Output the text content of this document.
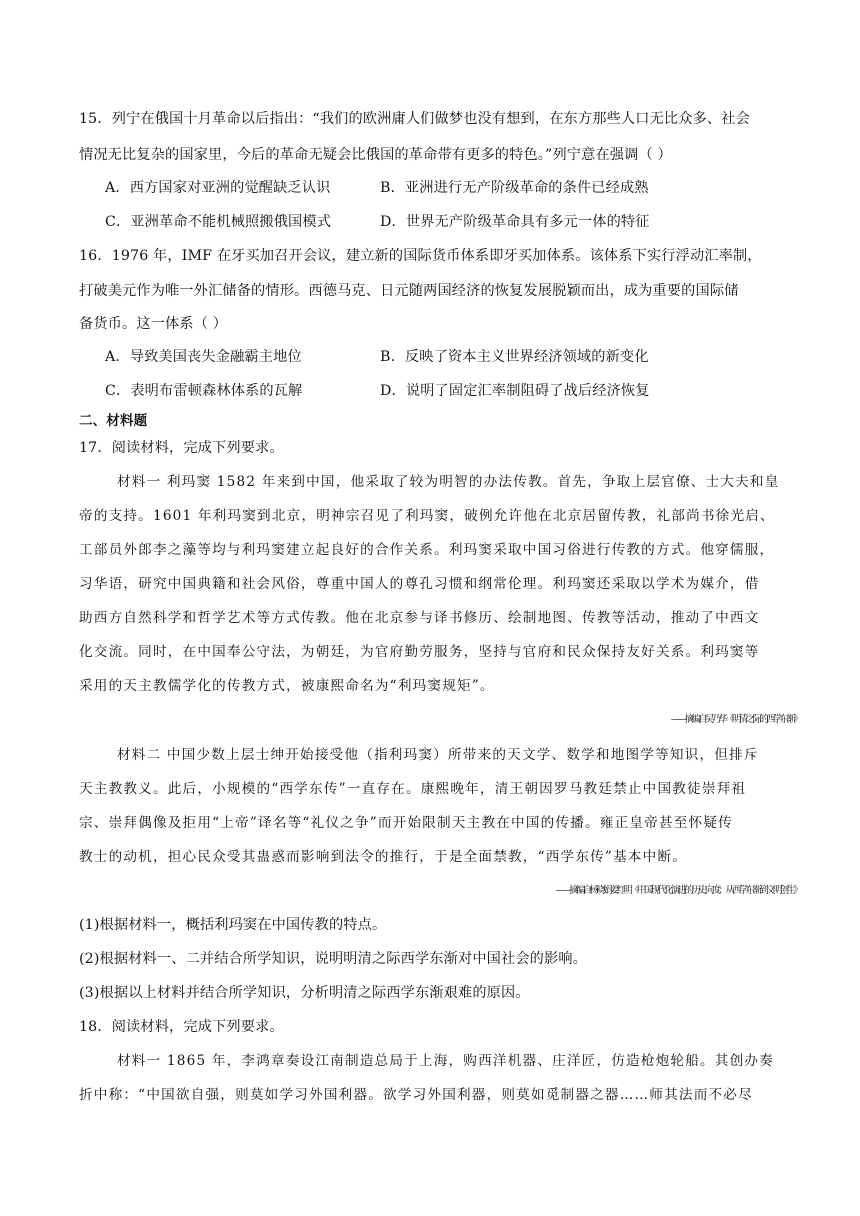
15．列宁在俄国十月革命以后指出：“我们的欧洲庸人们做梦也没有想到，在东方那些人口无比众多、社会
情况无比复杂的国家里，今后的革命无疑会比俄国的革命带有更多的特色。”列宁意在强调（ ）
A．西方国家对亚洲的觉醒缺乏认识	B．亚洲进行无产阶级革命的条件已经成熟
C．亚洲革命不能机械照搬俄国模式	D．世界无产阶级革命具有多元一体的特征
16．1976 年，IMF 在牙买加召开会议，建立新的国际货币体系即牙买加体系。该体系下实行浮动汇率制，
打破美元作为唯一外汇储备的情形。西德马克、日元随两国经济的恢复发展脱颖而出，成为重要的国际储
备货币。这一体系（ ）
A．导致美国丧失金融霸主地位	B．反映了资本主义世界经济领域的新变化
C．表明布雷顿森林体系的瓦解	D．说明了固定汇率制阻碍了战后经济恢复
二、材料题
17．阅读材料，完成下列要求。
材料一 利玛窦 1582 年来到中国，他采取了较为明智的办法传教。首先，争取上层官僚、士大夫和皇
帝的支持。1601 年利玛窦到北京，明神宗召见了利玛窦，破例允许他在北京居留传教，礼部尚书徐光启、
工部员外郎李之藻等均与利玛窦建立起良好的合作关系。利玛窦采取中国习俗进行传教的方式。他穿儒服，
习华语，研究中国典籍和社会风俗，尊重中国人的尊孔习惯和纲常伦理。利玛窦还采取以学术为媒介，借
助西方自然科学和哲学艺术等方式传教。他在北京参与译书修历、绘制地图、传教等活动，推动了中西文
化交流。同时，在中国奉公守法，为朝廷，为官府勤劳服务，坚持与官府和民众保持友好关系。利玛窦等
采用的天主教儒学化的传教方式，被康熙命名为“利玛窦规矩”。
——摘编自吴乃华《明清之际的西学东渐》
材料二 中国少数上层士绅开始接受他（指利玛窦）所带来的天文学、数学和地图学等知识，但排斥
天主教教义。此后，小规模的“西学东传”一直存在。康熙晚年，清王朝因罗马教廷禁止中国教徒崇拜祖
宗、崇拜偶像及拒用“上帝”译名等“礼仪之争”而开始限制天主教在中国的传播。雍正皇帝甚至怀疑传
教士的动机，担心民众受其蛊惑而影响到法令的推行，于是全面禁教，“西学东传”基本中断。
——摘编自杨晓娟姜红明《中国现代化演进的历史向度：从西学东渐到文明创生》
(1)根据材料一，概括利玛窦在中国传教的特点。
(2)根据材料一、二并结合所学知识，说明明清之际西学东渐对中国社会的影响。
(3)根据以上材料并结合所学知识，分析明清之际西学东渐艰难的原因。
18．阅读材料，完成下列要求。
材料一 1865 年，李鸿章奏设江南制造总局于上海，购西洋机器、庄洋匠，仿造枪炮轮船。其创办奏
折中称：“中国欲自强，则莫如学习外国利器。欲学习外国利器，则莫如觅制器之器……师其法而不必尽
